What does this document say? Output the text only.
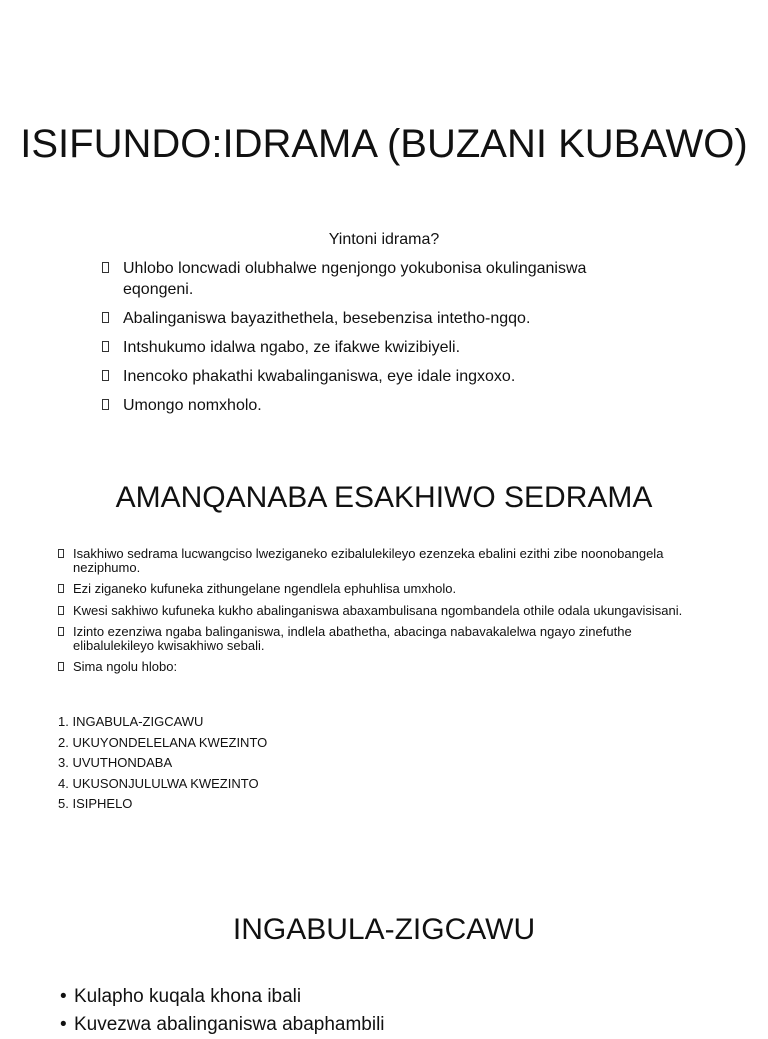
ISIFUNDO:IDRAMA (BUZANI KUBAWO)
Yintoni idrama?
Uhlobo loncwadi olubhalwe ngenjongo yokubonisa okulinganiswa eqongeni.
Abalinganiswa bayazithethela, besebenzisa intetho-ngqo.
Intshukumo idalwa ngabo, ze ifakwe kwizibiyeli.
Inencoko phakathi kwabalinganiswa, eye idale ingxoxo.
Umongo nomxholo.
AMANQANABA ESAKHIWO SEDRAMA
Isakhiwo sedrama lucwangciso lweziganeko ezibalulekileyo ezenzeka ebalini ezithi zibe noonobangela neziphumo.
Ezi ziganeko kufuneka zithungelane ngendlela ephuhlisa umxholo.
Kwesi sakhiwo kufuneka kukho abalinganiswa abaxambulisana ngombandela othile odala ukungavisisani.
Izinto ezenziwa ngaba balinganiswa, indlela abathetha, abacinga nabavakalelwa ngayo zinefuthe elibalulekileyo kwisakhiwo sebali.
Sima ngolu hlobo:
1. INGABULA-ZIGCAWU
2. UKUYONDELELANA KWEZINTO
3. UVUTHONDABA
4. UKUSONJULULWA KWEZINTO
5. ISIPHELO
INGABULA-ZIGCAWU
• Kulapho kuqala khona ibali
• Kuvezwa abalinganiswa abaphambili
